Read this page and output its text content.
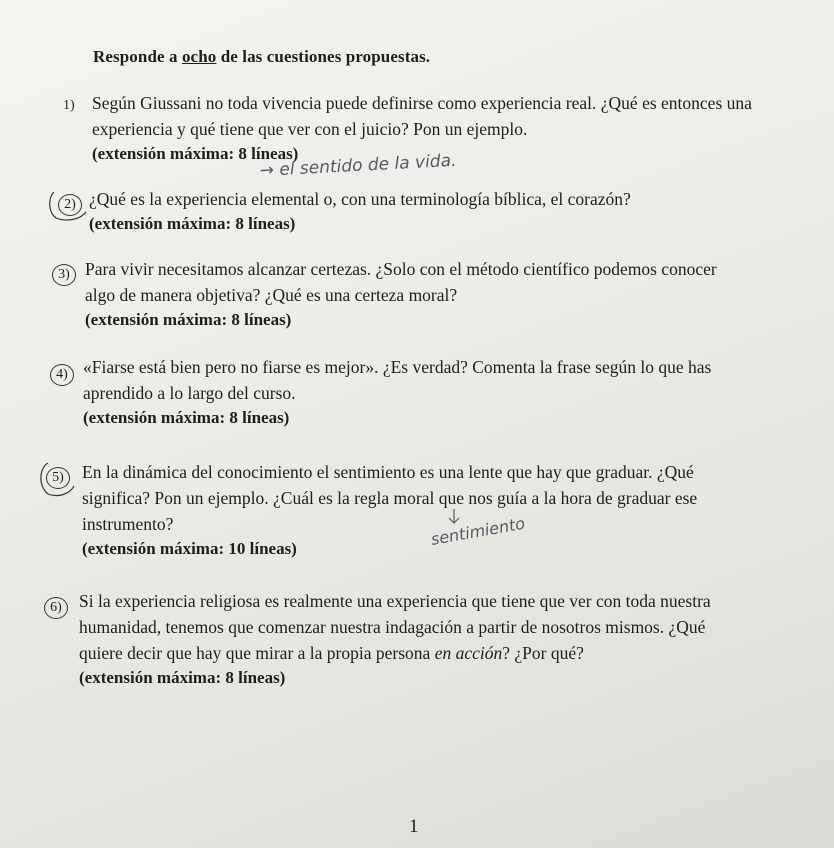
Responde a ocho de las cuestiones propuestas.
1) Según Giussani no toda vivencia puede definirse como experiencia real. ¿Qué es entonces una
experiencia y qué tiene que ver con el juicio? Pon un ejemplo.
(extensión máxima: 8 líneas)
→ el sentido de la vida.
2) ¿Qué es la experiencia elemental o, con una terminología bíblica, el corazón?
(extensión máxima: 8 líneas)
3) Para vivir necesitamos alcanzar certezas. ¿Solo con el método científico podemos conocer
algo de manera objetiva? ¿Qué es una certeza moral?
(extensión máxima: 8 líneas)
4) «Fiarse está bien pero no fiarse es mejor». ¿Es verdad? Comenta la frase según lo que has
aprendido a lo largo del curso.
(extensión máxima: 8 líneas)
5)	En la dinámica del conocimiento el sentimiento es una lente que hay que graduar. ¿Qué
significa? Pon un ejemplo. ¿Cuál es la regla moral que nos guía a la hora de graduar ese
instrumento?
(extensión máxima: 10 líneas)	sentimiento
6) Si la experiencia religiosa es realmente una experiencia que tiene que ver con toda nuestra
humanidad, tenemos que comenzar nuestra indagación a partir de nosotros mismos. ¿Qué
quiere decir que hay que mirar a la propia persona en acción? ¿Por qué?
(extensión máxima: 8 líneas)
1
